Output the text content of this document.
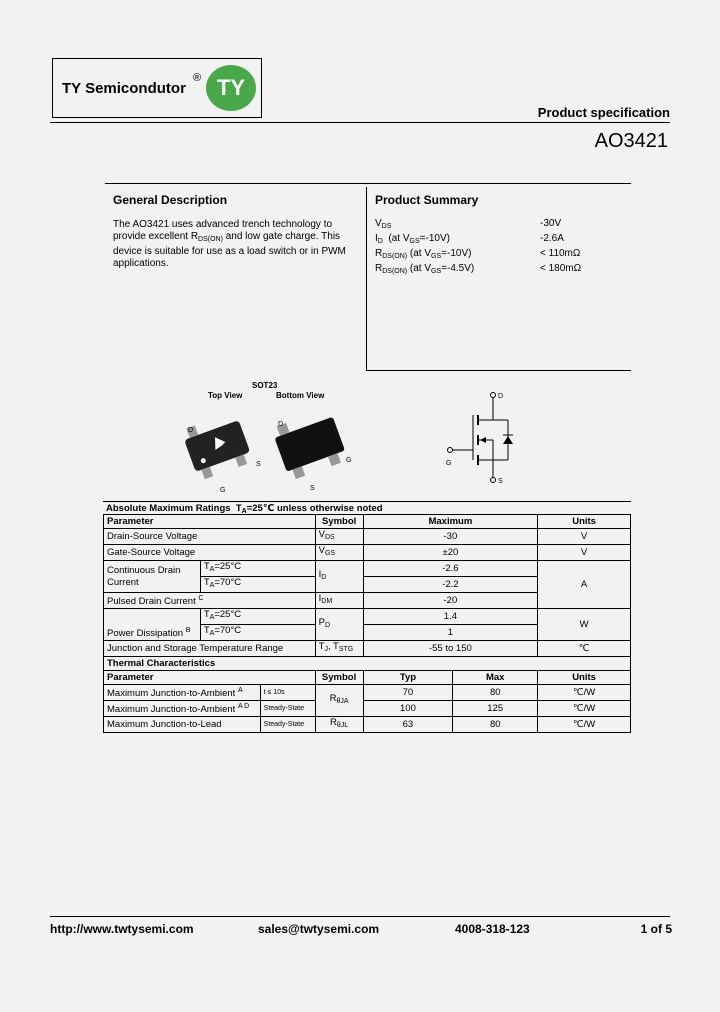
TY Semicondutor
® TY
Product specification
AO3421
General Description
The AO3421 uses advanced trench technology to provide excellent $R_{DS(ON)}$ and low gate charge. This device is suitable for use as a load switch or in PWM applications.
Product Summary
$V_{DS}$	-30V
$I_D$  (at $V_{GS}=-10V$)	-2.6A
$R_{DS(ON)}$ (at $V_{GS}=-10V$)	< 110mΩ
$R_{DS(ON)}$ (at $V_{GS}=-4.5V$)	< 180mΩ
SOT23
Top View	Bottom View
D
S
G
D
G
S
D
S
G
Absolute Maximum Ratings  $T_A=25℃$ unless otherwise noted
Parameter		Symbol	Maximum	Units
Drain-Source Voltage		$V_{DS}$	-30	V
Gate-Source Voltage		$V_{GS}$	±20	V
Continuous Drain
Current	$T_A=25^\circ C$	$I_D$	-2.6	A
	$T_A=70^\circ C$		-2.2	
Pulsed Drain Current $^C$		$I_{DM}$	-20	
Power Dissipation $^B$	$T_A=25^\circ C$	$P_D$	1.4	W
	$T_A=70^\circ C$		1	
Junction and Storage Temperature Range		$T_J$, $T_{STG}$	-55 to 150	℃
Thermal Characteristics					
Parameter		Symbol	Typ	Max	Units
Maximum Junction-to-Ambient $^A$	t ≤ 10s	$R_{\theta JA}$	70	80	℃/W
Maximum Junction-to-Ambient $^{A D}$	Steady-State		100	125	℃/W
Maximum Junction-to-Lead	Steady-State	$R_{\theta JL}$	63	80	℃/W
http://www.twtysemi.com	sales@twtysemi.com	4008-318-123	1 of 5
